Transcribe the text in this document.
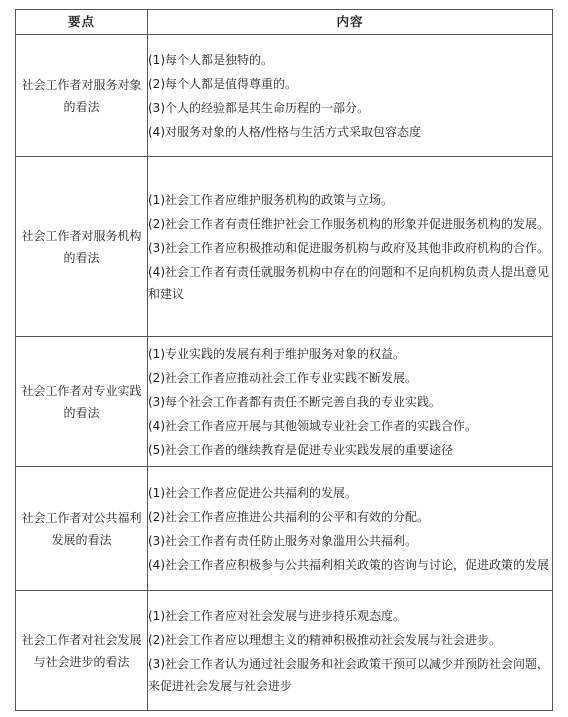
要点	内容
社会工作者对服务对象的看法	(1)每个人都是独特的。
(2)每个人都是值得尊重的。
(3)个人的经验都是其生命历程的一部分。
(4)对服务对象的人格/性格与生活方式采取包容态度

社会工作者对服务机构的看法	(1)社会工作者应维护服务机构的政策与立场。
(2)社会工作者有责任维护社会工作服务机构的形象并促进服务机构的发展。
(3)社会工作者应积极推动和促进服务机构与政府及其他非政府机构的合作。
(4)社会工作者有责任就服务机构中存在的问题和不足向机构负责人提出意见和建议

社会工作者对专业实践的看法	(1)专业实践的发展有利于维护服务对象的权益。
(2)社会工作者应推动社会工作专业实践不断发展。
(3)每个社会工作者都有责任不断完善自我的专业实践。
(4)社会工作者应开展与其他领域专业社会工作者的实践合作。
(5)社会工作者的继续教育是促进专业实践发展的重要途径

社会工作者对公共福利发展的看法	(1)社会工作者应促进公共福利的发展。
(2)社会工作者应推进公共福利的公平和有效的分配。
(3)社会工作者有责任防止服务对象滥用公共福利。
(4)社会工作者应积极参与公共福利相关政策的咨询与讨论，促进政策的发展

社会工作者对社会发展与社会进步的看法	(1)社会工作者应对社会发展与进步持乐观态度。
(2)社会工作者应以理想主义的精神积极推动社会发展与社会进步。
(3)社会工作者认为通过社会服务和社会政策干预可以减少并预防社会问题，来促进社会发展与社会进步
